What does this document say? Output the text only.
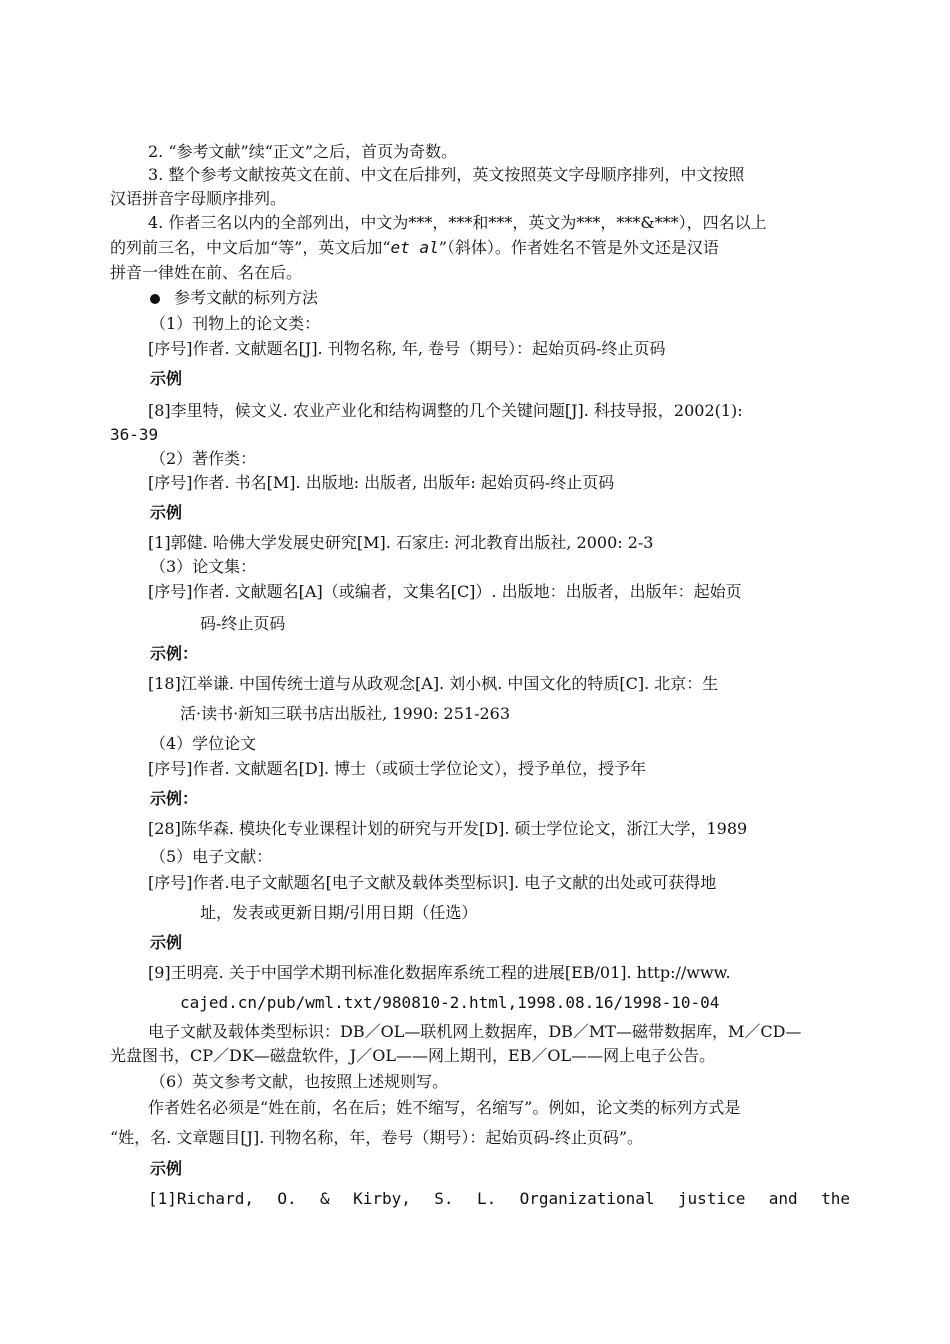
2. “参考文献”续“正文”之后，首页为奇数。
3. 整个参考文献按英文在前、中文在后排列，英文按照英文字母顺序排列，中文按照
汉语拼音字母顺序排列。
4. 作者三名以内的全部列出，中文为***，***和***，英文为***，***&***），四名以上
的列前三名，中文后加“等”，英文后加“et al”（斜体）。作者姓名不管是外文还是汉语
拼音一律姓在前、名在后。
参考文献的标列方法
（1）刊物上的论文类：
[序号]作者. 文献题名[J]. 刊物名称, 年, 卷号（期号）：起始页码-终止页码
示例
[8]李里特，候文义. 农业产业化和结构调整的几个关键问题[J]. 科技导报，2002(1):
36-39
（2）著作类：
[序号]作者. 书名[M]. 出版地: 出版者, 出版年: 起始页码-终止页码
示例
[1]郭健. 哈佛大学发展史研究[M]. 石家庄: 河北教育出版社, 2000: 2-3
（3）论文集：
[序号]作者. 文献题名[A]（或编者，文集名[C]）. 出版地：出版者，出版年：起始页
码-终止页码
示例：
[18]江举谦. 中国传统士道与从政观念[A]. 刘小枫. 中国文化的特质[C]. 北京：生
活·读书·新知三联书店出版社, 1990: 251-263
（4）学位论文
[序号]作者. 文献题名[D]. 博士（或硕士学位论文），授予单位，授予年
示例：
[28]陈华森. 模块化专业课程计划的研究与开发[D]. 硕士学位论文，浙江大学，1989
（5）电子文献：
[序号]作者.电子文献题名[电子文献及载体类型标识]. 电子文献的出处或可获得地
址，发表或更新日期/引用日期（任选）
示例
[9]王明亮. 关于中国学术期刊标准化数据库系统工程的进展[EB/01]. http://www.
cajed.cn/pub/wml.txt/980810-2.html,1998.08.16/1998-10-04
电子文献及载体类型标识：DB／OL—联机网上数据库，DB／MT—磁带数据库，M／CD—
光盘图书，CP／DK—磁盘软件，J／OL——网上期刊，EB／OL——网上电子公告。
（6）英文参考文献，也按照上述规则写。
作者姓名必须是“姓在前，名在后；姓不缩写，名缩写”。例如，论文类的标列方式是
“姓，名. 文章题目[J]. 刊物名称，年，卷号（期号）：起始页码-终止页码”。
示例
[1]Richard, O. & Kirby, S. L. Organizational justice and the
